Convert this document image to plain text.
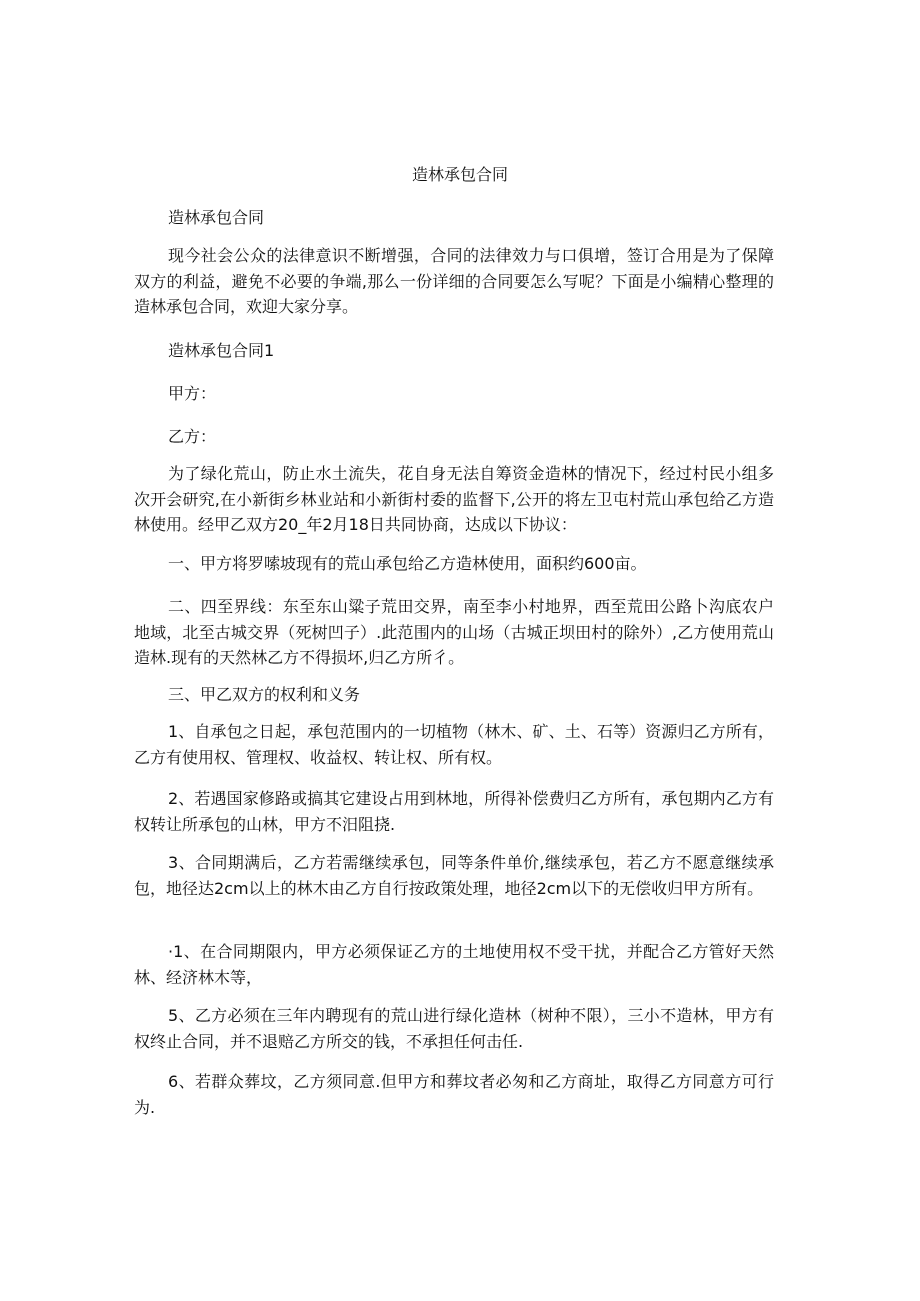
造林承包合同

造林承包合同

现今社会公众的法律意识不断增强，合同的法律效力与口俱增，签订合用是为了保障双方的利益，避免不必要的争端,那么一份详细的合同要怎么写呢？下面是小编精心整理的造林承包合同，欢迎大家分享。

造林承包合同1

甲方：

乙方：

为了绿化荒山，防止水土流失，花自身无法自筹资金造林的情况下，经过村民小组多次开会研究,在小新街乡林业站和小新街村委的监督下,公开的将左卫屯村荒山承包给乙方造林使用。经甲乙双方20_年2月18日共同协商，达成以下协议：

一、甲方将罗嗦坡现有的荒山承包给乙方造林使用，面积约600亩。

二、四至界线：东至东山粱子荒田交界，南至李小村地界，西至荒田公路卜沟底农户地域，北至古城交界（死树凹子）.此范围内的山场（古城正坝田村的除外）,乙方使用荒山造林.现有的天然林乙方不得损坏,归乙方所彳。

三、甲乙双方的权利和义务

1、自承包之日起，承包范围内的一切植物（林木、矿、土、石等）资源归乙方所有，乙方有使用权、管理权、收益权、转让权、所有权。

2、若遇国家修路或搞其它建设占用到林地，所得补偿费归乙方所有，承包期内乙方有权转让所承包的山林，甲方不汨阻挠.

3、合同期满后，乙方若需继续承包，同等条件单价,继续承包，若乙方不愿意继续承包，地径达2cm以上的林木由乙方自行按政策处理，地径2cm以下的无偿收归甲方所有。

·1、在合同期限内，甲方必须保证乙方的土地使用权不受干扰，并配合乙方管好天然林、经济林木等，

5、乙方必须在三年内聘现有的荒山进行绿化造林（树种不限），三小不造林，甲方有权终止合同，并不退赔乙方所交的钱，不承担任何击任.

6、若群众葬坟，乙方须同意.但甲方和葬坟者必匆和乙方商址，取得乙方同意方可行为.
